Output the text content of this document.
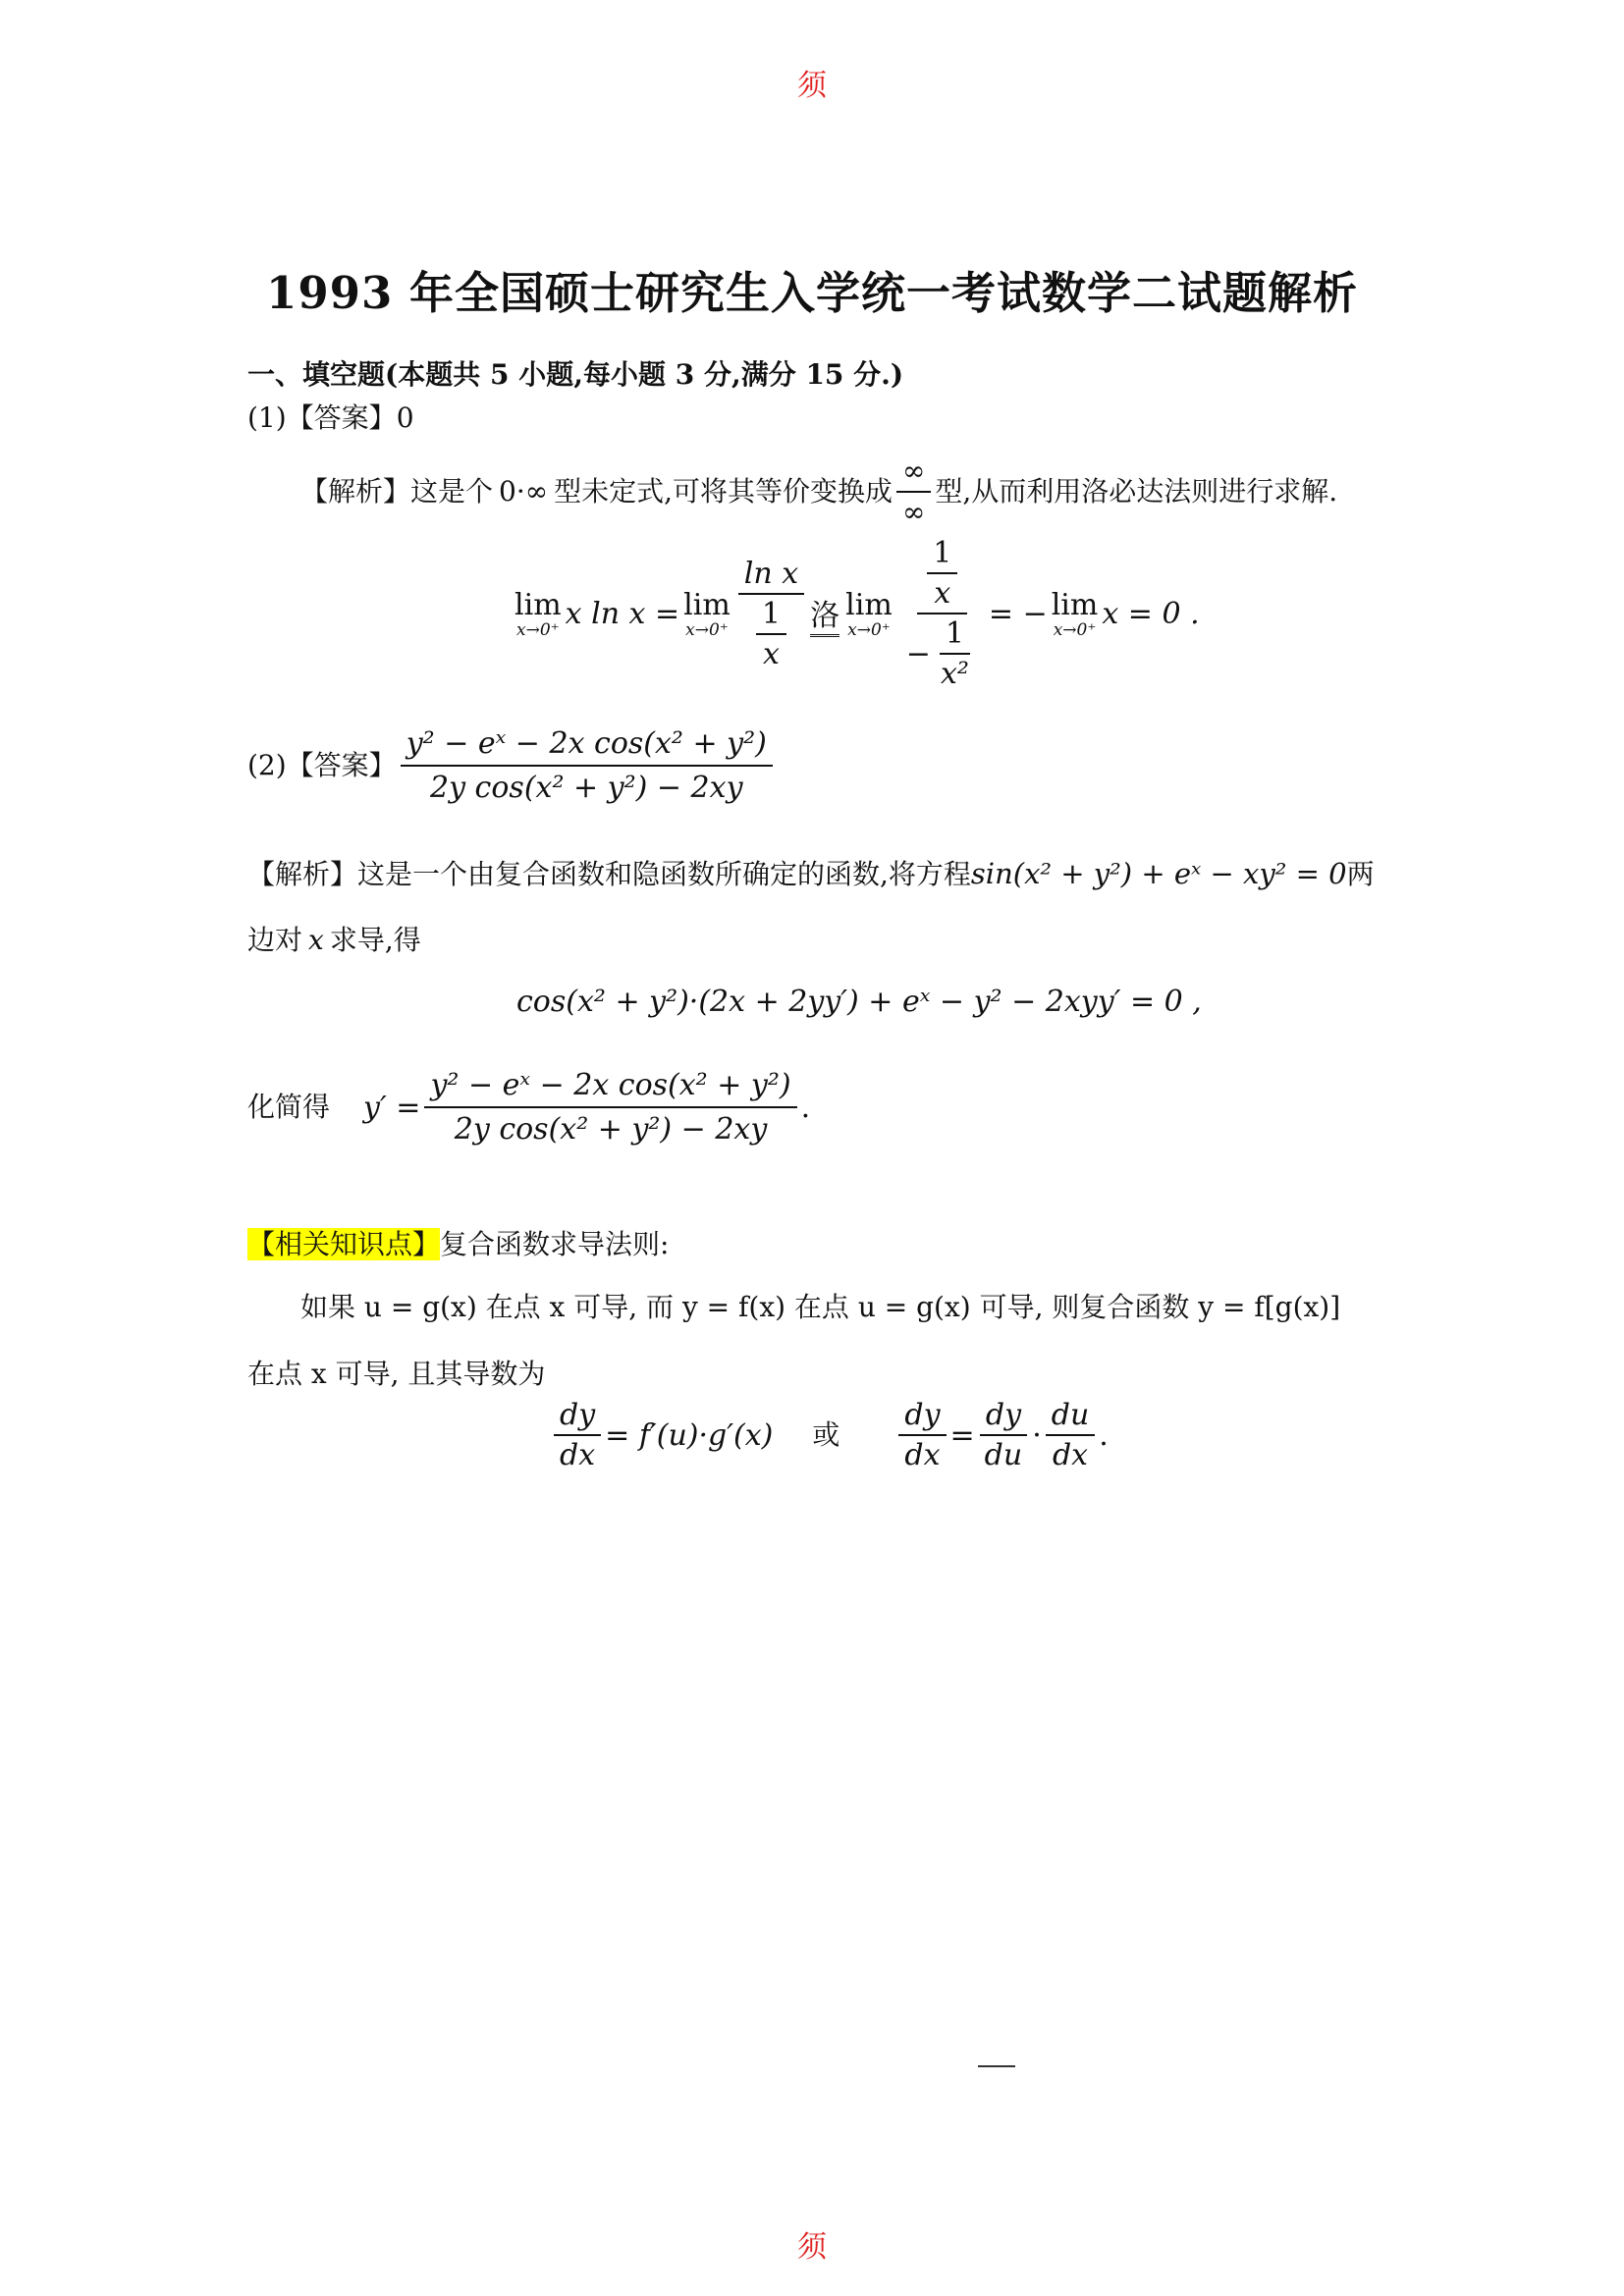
须
须
1993 年全国硕士研究生入学统一考试数学二试题解析
一、填空题(本题共 5 小题,每小题 3 分,满分 15 分.)
(1)【答案】0
【解析】 这是个 0·∞ 型未定式,可将其等价变换成 $\frac{\infty}{\infty}$ 型,从而利用洛必达法则进行求解.
lim
x→0⁺ x ln x = lim
$x\to 0^+ \frac{\text{ln x}}{\frac{1}{x}}$ 洛 lim
$x\to 0^+ \frac{\frac{1}{x}}{- \frac{1}{\text{x²}}}$ = − lim
x→0⁺ x = 0 .
(2) 【答案】 $\frac{\text{y² − eˣ − 2x cos(x² + y²)}}{\text{2y cos(x² + y²) − 2xy}}$
【解析】 这是一个由复合函数和隐函数所确定的函数,将方程 sin(x² + y²) + eˣ − xy² = 0 两
边对 x 求导,得
cos(x² + y²)·(2x + 2yy′) + eˣ − y² − 2xyy′ = 0 ,
化简得 $y' = \frac{\text{y² − eˣ − 2x cos(x² + y²)}}{\text{2y cos(x² + y²) − 2xy}}$ .
【相关知识点】复合函数求导法则:
如果 u = g(x) 在点 x 可导, 而 y = f(x) 在点 u = g(x) 可导, 则复合函数 y = f[g(x)]
在点 x 可导, 且其导数为
$\frac{dy}{dx} = f'(u)\cdot g'(x)$ 或 $\frac{dy}{dx} = \frac{dy}{du} \cdot \frac{du}{dx}$ .
